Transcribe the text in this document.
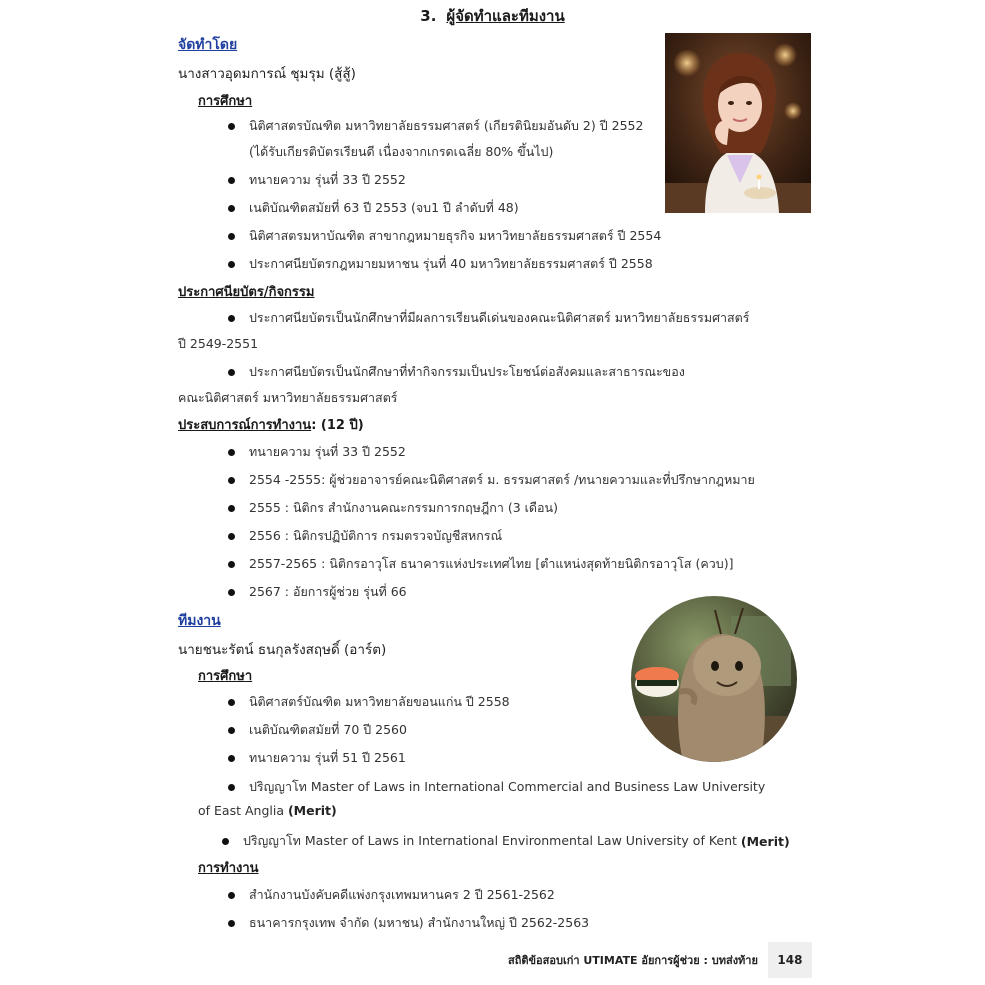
3. ผู้จัดทำและทีมงาน
จัดทำโดย
นางสาวอุดมการณ์ ชุมรุม (สู้สู้)
การศึกษา
นิติศาสตรบัณฑิต มหาวิทยาลัยธรรมศาสตร์ (เกียรตินิยมอันดับ 2) ปี 2552
(ได้รับเกียรติบัตรเรียนดี เนื่องจากเกรดเฉลี่ย 80% ขึ้นไป)
ทนายความ รุ่นที่ 33 ปี 2552
เนติบัณฑิตสมัยที่ 63 ปี 2553 (จบ1 ปี ลำดับที่ 48)
นิติศาสตรมหาบัณฑิต สาขากฎหมายธุรกิจ มหาวิทยาลัยธรรมศาสตร์ ปี 2554
ประกาศนียบัตรกฎหมายมหาชน รุ่นที่ 40 มหาวิทยาลัยธรรมศาสตร์ ปี 2558
ประกาศนียบัตร/กิจกรรม
ประกาศนียบัตรเป็นนักศึกษาที่มีผลการเรียนดีเด่นของคณะนิติศาสตร์ มหาวิทยาลัยธรรมศาสตร์
ปี 2549-2551
ประกาศนียบัตรเป็นนักศึกษาที่ทำกิจกรรมเป็นประโยชน์ต่อสังคมและสาธารณะของ
คณะนิติศาสตร์ มหาวิทยาลัยธรรมศาสตร์
ประสบการณ์การทำงาน: (12 ปี)
ทนายความ รุ่นที่ 33 ปี 2552
2554 -2555: ผู้ช่วยอาจารย์คณะนิติศาสตร์ ม. ธรรมศาสตร์ /ทนายความและที่ปรึกษากฎหมาย
2555 : นิติกร สำนักงานคณะกรรมการกฤษฎีกา (3 เดือน)
2556 : นิติกรปฏิบัติการ กรมตรวจบัญชีสหกรณ์
2557-2565 : นิติกรอาวุโส ธนาคารแห่งประเทศไทย [ตำแหน่งสุดท้ายนิติกรอาวุโส (ควบ)]
2567 : อัยการผู้ช่วย รุ่นที่ 66
ทีมงาน
นายชนะรัตน์ ธนกุลรังสฤษดิ์ (อาร์ต)
การศึกษา
นิติศาสตร์บัณฑิต มหาวิทยาลัยขอนแก่น ปี 2558
เนติบัณฑิตสมัยที่ 70 ปี 2560
ทนายความ รุ่นที่ 51 ปี 2561
ปริญญาโท Master of Laws in International Commercial and Business Law University
of East Anglia (Merit)
ปริญญาโท Master of Laws in International Environmental Law University of Kent
(Merit)
การทำงาน
สำนักงานบังคับคดีแพ่งกรุงเทพมหานคร 2 ปี 2561-2562
ธนาคารกรุงเทพ จำกัด (มหาชน) สำนักงานใหญ่ ปี 2562-2563
สถิติข้อสอบเก่า UTIMATE อัยการผู้ช่วย : บทส่งท้าย	148
